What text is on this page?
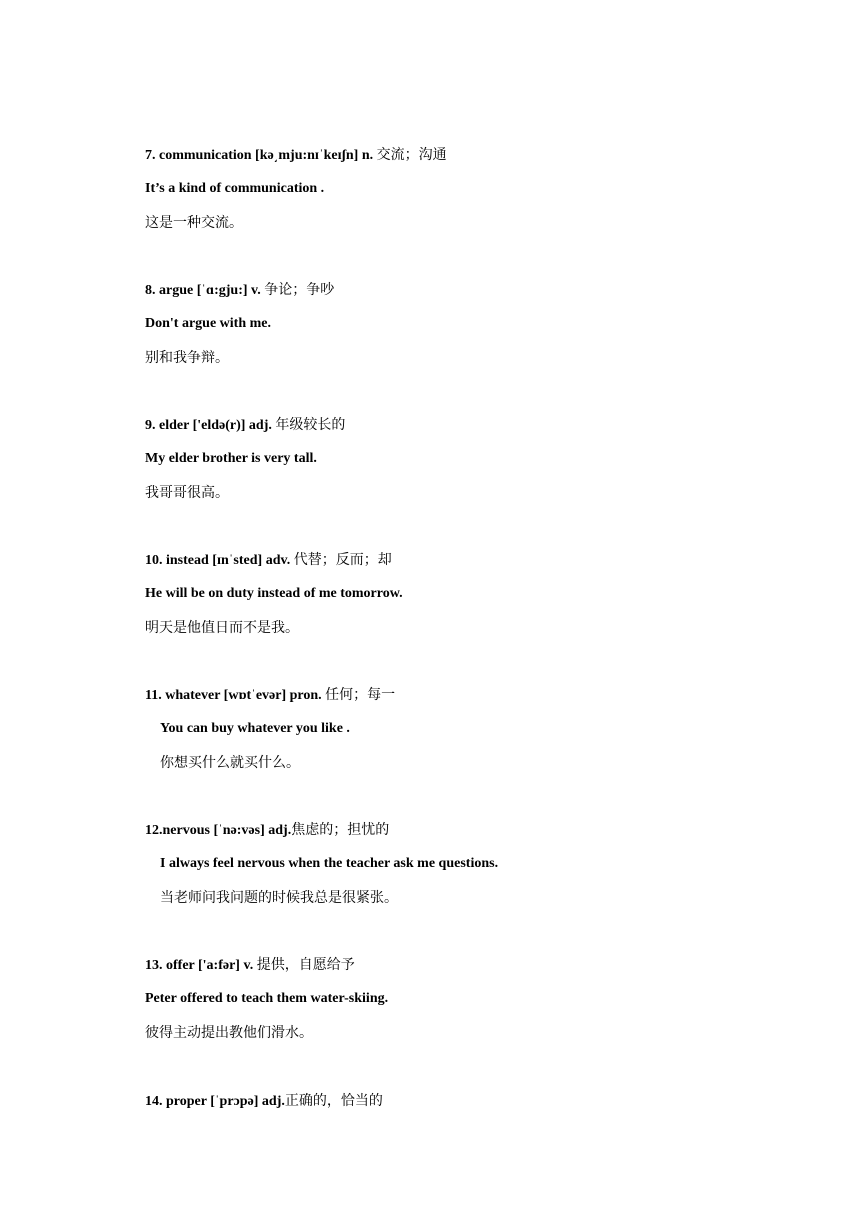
7. communication [kə͵mju:nɪˈkeɪʃn] n. 交流；沟通
It’s a kind of communication .
这是一种交流。
8. argue [ˈɑ:gju:] v. 争论；争吵
Don't argue with me.
别和我争辩。
9. elder ['eldə(r)] adj. 年级较长的
My elder brother is very tall.
我哥哥很高。
10. instead [ɪnˈsted] adv. 代替；反而；却
He will be on duty instead of me tomorrow.
明天是他值日而不是我。
11. whatever [wɒtˈevər] pron. 任何；每一
You can buy whatever you like .
你想买什么就买什么。
12.nervous [ˈnə:vəs] adj.焦虑的；担忧的
I always feel nervous when the teacher ask me questions.
当老师问我问题的时候我总是很紧张。
13. offer ['a:fər] v. 提供，自愿给予
Peter offered to teach them water-skiing.
彼得主动提出教他们滑水。
14. proper [ˈprɔpə] adj.正确的，恰当的
